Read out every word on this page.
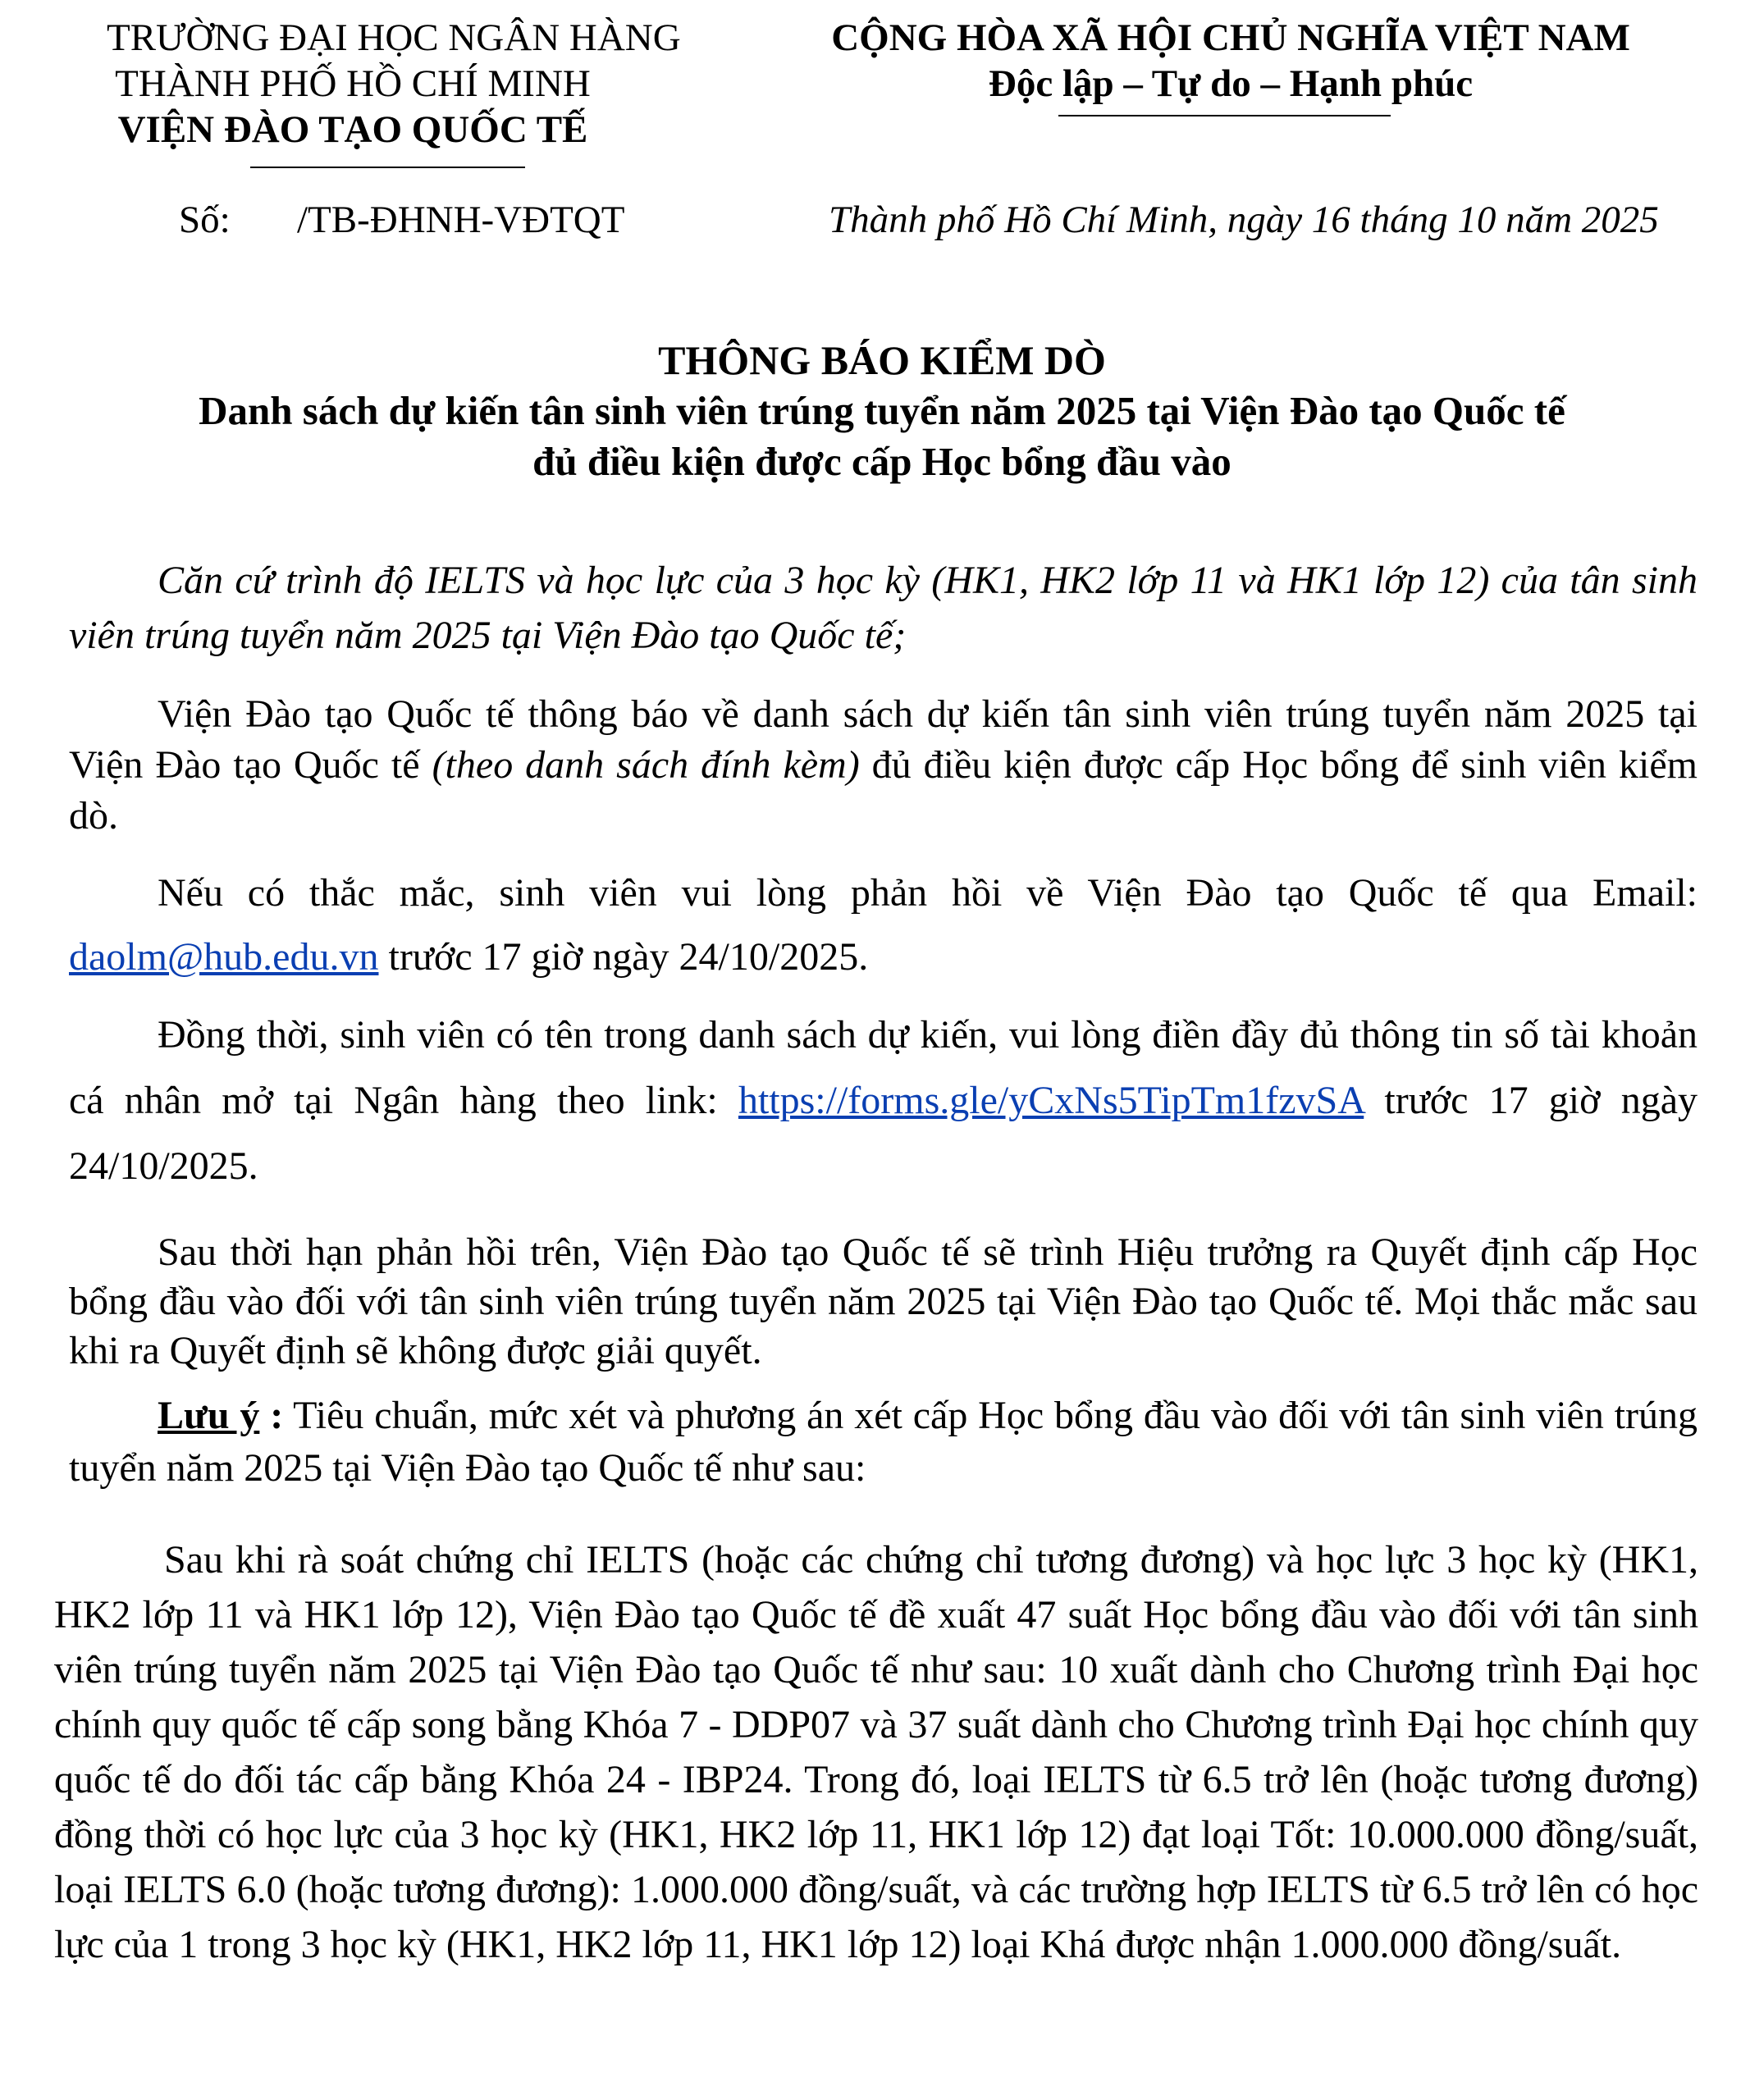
TRƯỜNG ĐẠI HỌC NGÂN HÀNG
THÀNH PHỐ HỒ CHÍ MINH
VIỆN ĐÀO TẠO QUỐC TẾ
CỘNG HÒA XÃ HỘI CHỦ NGHĨA VIỆT NAM
Độc lập – Tự do – Hạnh phúc
Số: /TB-ĐHNH-VĐTQT	Thành phố Hồ Chí Minh, ngày 16 tháng 10 năm 2025
THÔNG BÁO KIỂM DÒ
Danh sách dự kiến tân sinh viên trúng tuyển năm 2025 tại Viện Đào tạo Quốc tế
đủ điều kiện được cấp Học bổng đầu vào

Căn cứ trình độ IELTS và học lực của 3 học kỳ (HK1, HK2 lớp 11 và HK1 lớp 12) của tân sinh viên trúng tuyển năm 2025 tại Viện Đào tạo Quốc tế;

Viện Đào tạo Quốc tế thông báo về danh sách dự kiến tân sinh viên trúng tuyển năm 2025 tại Viện Đào tạo Quốc tế (theo danh sách đính kèm) đủ điều kiện được cấp Học bổng để sinh viên kiểm dò.

Nếu có thắc mắc, sinh viên vui lòng phản hồi về Viện Đào tạo Quốc tế qua Email: daolm@hub.edu.vn trước 17 giờ ngày 24/10/2025.

Đồng thời, sinh viên có tên trong danh sách dự kiến, vui lòng điền đầy đủ thông tin số tài khoản cá nhân mở tại Ngân hàng theo link: https://forms.gle/yCxNs5TipTm1fzvSA trước 17 giờ ngày 24/10/2025.

Sau thời hạn phản hồi trên, Viện Đào tạo Quốc tế sẽ trình Hiệu trưởng ra Quyết định cấp Học bổng đầu vào đối với tân sinh viên trúng tuyển năm 2025 tại Viện Đào tạo Quốc tế. Mọi thắc mắc sau khi ra Quyết định sẽ không được giải quyết.

Lưu ý : Tiêu chuẩn, mức xét và phương án xét cấp Học bổng đầu vào đối với tân sinh viên trúng tuyển năm 2025 tại Viện Đào tạo Quốc tế như sau:

Sau khi rà soát chứng chỉ IELTS (hoặc các chứng chỉ tương đương) và học lực 3 học kỳ (HK1, HK2 lớp 11 và HK1 lớp 12), Viện Đào tạo Quốc tế đề xuất 47 suất Học bổng đầu vào đối với tân sinh viên trúng tuyển năm 2025 tại Viện Đào tạo Quốc tế như sau: 10 xuất dành cho Chương trình Đại học chính quy quốc tế cấp song bằng Khóa 7 - DDP07 và 37 suất dành cho Chương trình Đại học chính quy quốc tế do đối tác cấp bằng Khóa 24 - IBP24. Trong đó, loại IELTS từ 6.5 trở lên (hoặc tương đương) đồng thời có học lực của 3 học kỳ (HK1, HK2 lớp 11, HK1 lớp 12) đạt loại Tốt: 10.000.000 đồng/suất, loại IELTS 6.0 (hoặc tương đương): 1.000.000 đồng/suất, và các trường hợp IELTS từ 6.5 trở lên có học lực của 1 trong 3 học kỳ (HK1, HK2 lớp 11, HK1 lớp 12) loại Khá được nhận 1.000.000 đồng/suất.
